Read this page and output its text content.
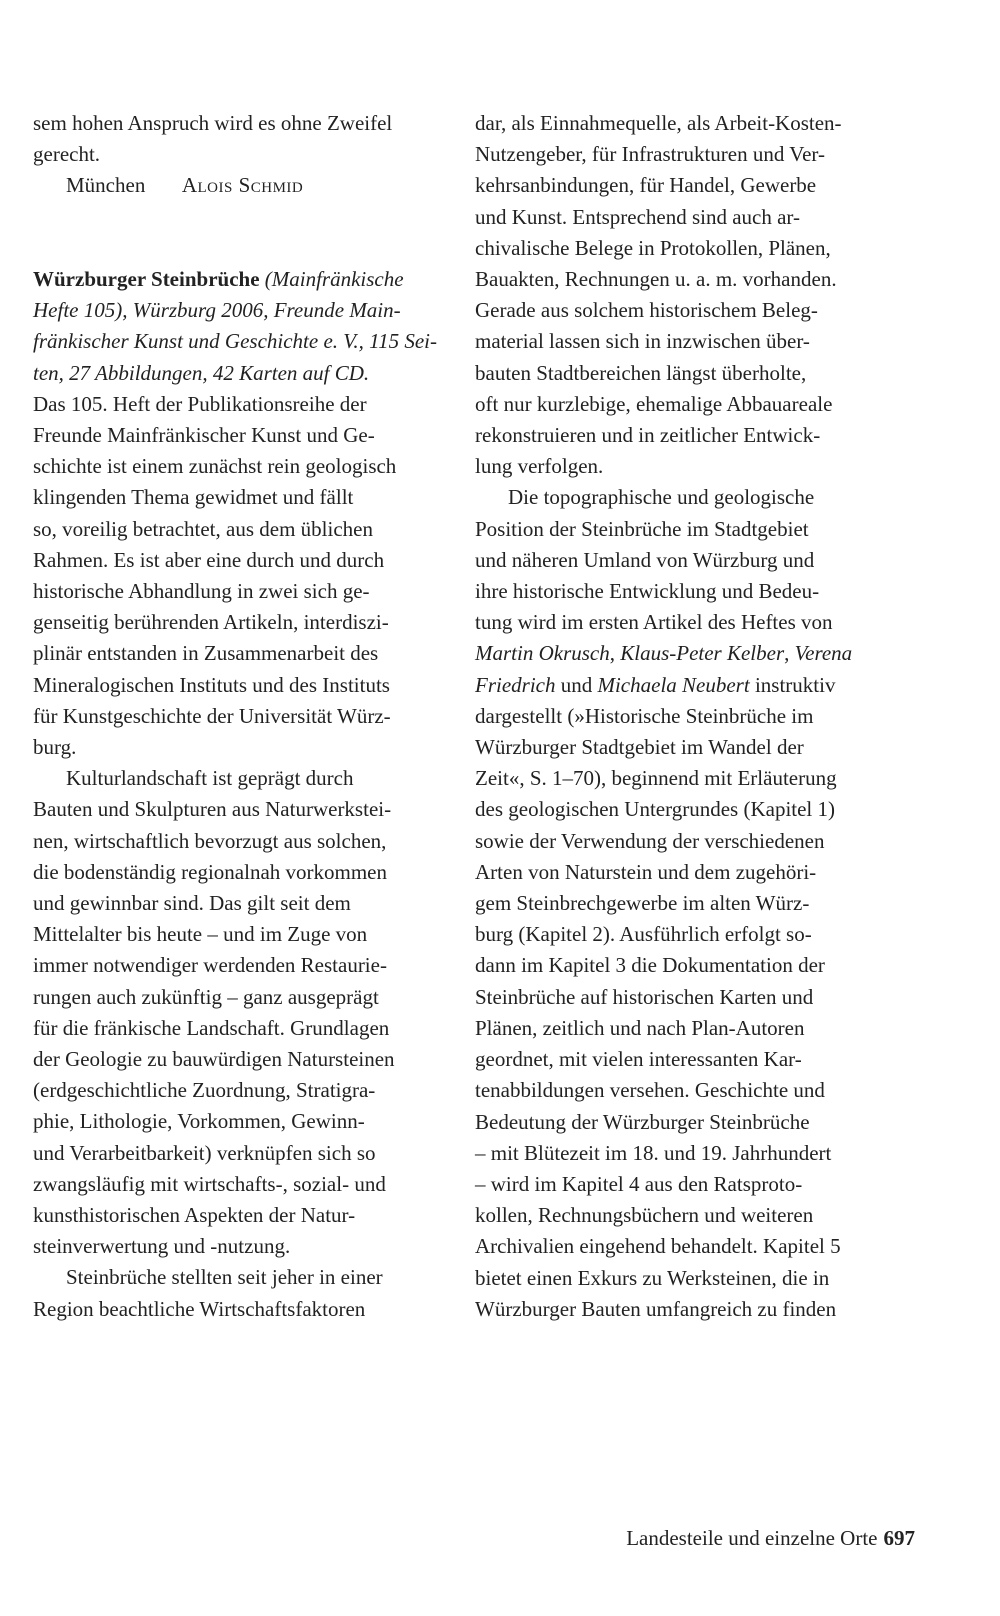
sem hohen Anspruch wird es ohne Zweifel
gerecht.
München Alois Schmid
Würzburger Steinbrüche (Mainfränkische
Hefte 105), Würzburg 2006, Freunde Main-
fränkischer Kunst und Geschichte e. V., 115 Sei-
ten, 27 Abbildungen, 42 Karten auf CD.
Das 105. Heft der Publikationsreihe der
Freunde Mainfränkischer Kunst und Ge-
schichte ist einem zunächst rein geologisch
klingenden Thema gewidmet und fällt
so, voreilig betrachtet, aus dem üblichen
Rahmen. Es ist aber eine durch und durch
historische Abhandlung in zwei sich ge-
genseitig berührenden Artikeln, interdiszi-
plinär entstanden in Zusammenarbeit des
Mineralogischen Instituts und des Instituts
für Kunstgeschichte der Universität Würz-
burg.
Kulturlandschaft ist geprägt durch
Bauten und Skulpturen aus Naturwerkstei-
nen, wirtschaftlich bevorzugt aus solchen,
die bodenständig regionalnah vorkommen
und gewinnbar sind. Das gilt seit dem
Mittelalter bis heute – und im Zuge von
immer notwendiger werdenden Restaurie-
rungen auch zukünftig – ganz ausgeprägt
für die fränkische Landschaft. Grundlagen
der Geologie zu bauwürdigen Natursteinen
(erdgeschichtliche Zuordnung, Stratigra-
phie, Lithologie, Vorkommen, Gewinn-
und Verarbeitbarkeit) verknüpfen sich so
zwangsläufig mit wirtschafts-, sozial- und
kunsthistorischen Aspekten der Natur-
steinverwertung und -nutzung.
Steinbrüche stellten seit jeher in einer
Region beachtliche Wirtschaftsfaktoren
dar, als Einnahmequelle, als Arbeit-Kosten-
Nutzengeber, für Infrastrukturen und Ver-
kehrsanbindungen, für Handel, Gewerbe
und Kunst. Entsprechend sind auch ar-
chivalische Belege in Protokollen, Plänen,
Bauakten, Rechnungen u. a. m. vorhanden.
Gerade aus solchem historischem Beleg-
material lassen sich in inzwischen über-
bauten Stadtbereichen längst überholte,
oft nur kurzlebige, ehemalige Abbauareale
rekonstruieren und in zeitlicher Entwick-
lung verfolgen.
Die topographische und geologische
Position der Steinbrüche im Stadtgebiet
und näheren Umland von Würzburg und
ihre historische Entwicklung und Bedeu-
tung wird im ersten Artikel des Heftes von
Martin Okrusch, Klaus-Peter Kelber, Verena
Friedrich und Michaela Neubert instruktiv
dargestellt (»Historische Steinbrüche im
Würzburger Stadtgebiet im Wandel der
Zeit«, S. 1–70), beginnend mit Erläuterung
des geologischen Untergrundes (Kapitel 1)
sowie der Verwendung der verschiedenen
Arten von Naturstein und dem zugehöri-
gem Steinbrechgewerbe im alten Würz-
burg (Kapitel 2). Ausführlich erfolgt so-
dann im Kapitel 3 die Dokumentation der
Steinbrüche auf historischen Karten und
Plänen, zeitlich und nach Plan-Autoren
geordnet, mit vielen interessanten Kar-
tenabbildungen versehen. Geschichte und
Bedeutung der Würzburger Steinbrüche
– mit Blütezeit im 18. und 19. Jahrhundert
– wird im Kapitel 4 aus den Ratsproto-
kollen, Rechnungsbüchern und weiteren
Archivalien eingehend behandelt. Kapitel 5
bietet einen Exkurs zu Werksteinen, die in
Würzburger Bauten umfangreich zu finden
Landesteile und einzelne Orte 697
